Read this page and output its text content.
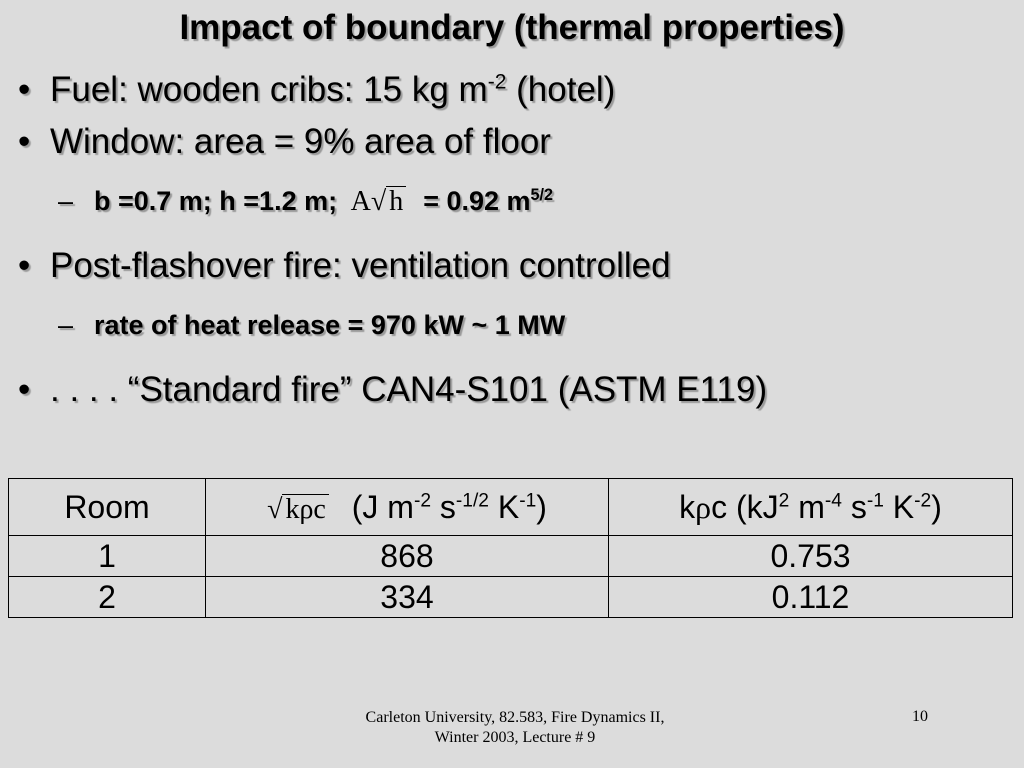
Impact of boundary (thermal properties)
• Fuel: wooden cribs: 15 kg $m^{-2}$ (hotel)
• Window: area = 9% area of floor
– b =0.7 m; h =1.2 m; A√ h = 0.92 $m^{5/2}$
• Post-flashover fire: ventilation controlled
– rate of heat release = 970 kW ~ 1 MW
• . . . . “Standard fire” CAN4-S101 (ASTM E119)
Room	√ kρc (J $m^{-2}$ $s^{-1/2}$ $K^{-1}$)	kρc ($kJ^2$ $m^{-4}$ $s^{-1}$ $K^{-2}$)
1	868	0.753
2	334	0.112
Carleton University, 82.583, Fire Dynamics II, Winter 2003, Lecture # 9
10
